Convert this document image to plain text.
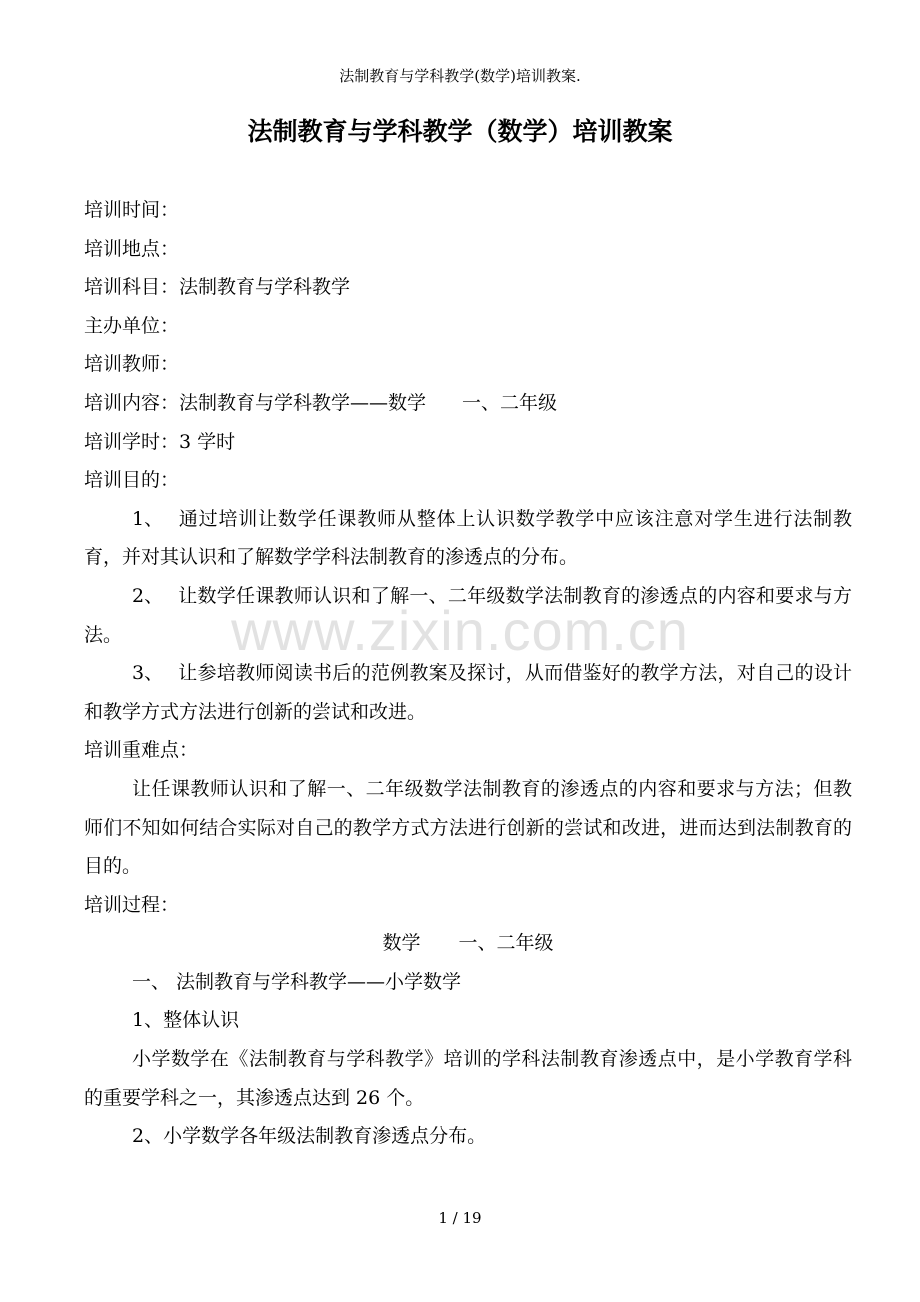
法制教育与学科教学(数学)培训教案.
法制教育与学科教学（数学）培训教案
www.zixin.com.cn
培训时间：
培训地点：
培训科目：法制教育与学科教学
主办单位：
培训教师：
培训内容：法制教育与学科教学——数学 一、二年级
培训学时：3 学时
培训目的：
1、 通过培训让数学任课教师从整体上认识数学教学中应该注意对学生进行法制教育，并对其认识和了解数学学科法制教育的渗透点的分布。
2、 让数学任课教师认识和了解一、二年级数学法制教育的渗透点的内容和要求与方法。
3、 让参培教师阅读书后的范例教案及探讨，从而借鉴好的教学方法，对自己的设计和教学方式方法进行创新的尝试和改进。
培训重难点：
让任课教师认识和了解一、二年级数学法制教育的渗透点的内容和要求与方法；但教师们不知如何结合实际对自己的教学方式方法进行创新的尝试和改进，进而达到法制教育的目的。
培训过程：
数学 一、二年级
一、 法制教育与学科教学——小学数学
1、整体认识
小学数学在《法制教育与学科教学》培训的学科法制教育渗透点中，是小学教育学科的重要学科之一，其渗透点达到 26 个。
2、小学数学各年级法制教育渗透点分布。
1 / 19
